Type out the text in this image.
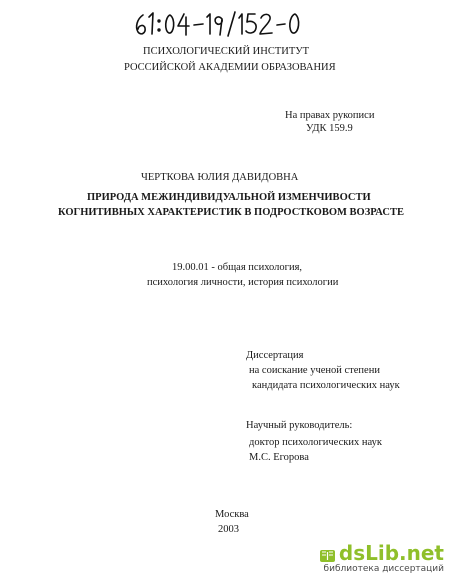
ПСИХОЛОГИЧЕСКИЙ ИНСТИТУТ
РОССИЙСКОЙ АКАДЕМИИ ОБРАЗОВАНИЯ
На правах рукописи
УДК 159.9
ЧЕРТКОВА ЮЛИЯ ДАВИДОВНА
ПРИРОДА МЕЖИНДИВИДУАЛЬНОЙ ИЗМЕНЧИВОСТИ
КОГНИТИВНЫХ ХАРАКТЕРИСТИК В ПОДРОСТКОВОМ ВОЗРАСТЕ
19.00.01 - общая психология,
психология личности, история психологии
Диссертация
на соискание ученой степени
кандидата психологических наук
Научный руководитель:
доктор психологических наук
М.С. Егорова
Москва
2003
ds Lib .net
библиотека диссертаций
